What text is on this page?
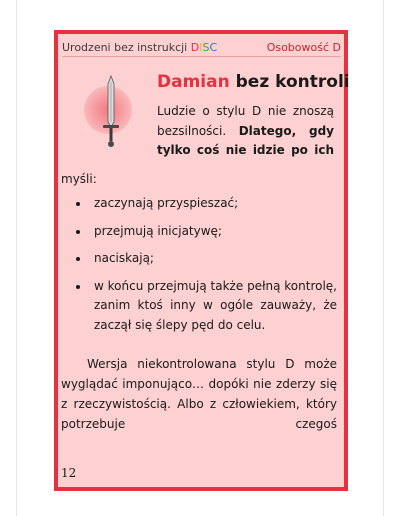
Urodzeni bez instrukcji DISC	Osobowość D
Damian bez kontroli
Ludzie o stylu D nie znoszą bezsilności. Dlatego, gdy tylko coś nie idzie po ich
myśli:
zaczynają przyspieszać;
przejmują inicjatywę;
naciskają;
w końcu przejmują także pełną kontrolę, zanim ktoś inny w ogóle zauważy, że zaczął się ślepy pęd do celu.
Wersja niekontrolowana stylu D może wyglądać imponująco… dopóki nie zderzy się z rzeczywistością. Albo z człowiekiem, który potrzebuje czegoś
12
